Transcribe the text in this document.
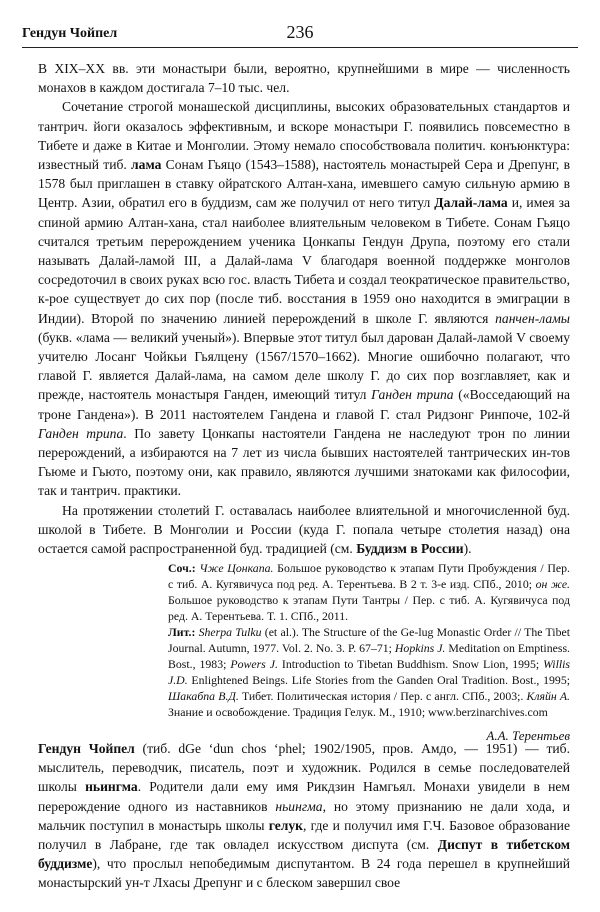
Гендун Чойпел	236

В XIX–XX вв. эти монастыри были, вероятно, крупнейшими в мире — численность монахов в каждом достигала 7–10 тыс. чел.

Сочетание строгой монашеской дисциплины, высоких образовательных стандартов и тантрич. йоги оказалось эффективным, и вскоре монастыри Г. появились повсеместно в Тибете и даже в Китае и Монголии. Этому немало способствовала политич. конъюнктура: известный тиб. лама Сонам Гьяцо (1543–1588), настоятель монастырей Сера и Дрепунг, в 1578 был приглашен в ставку ойратского Алтан-хана, имевшего самую сильную армию в Центр. Азии, обратил его в буддизм, сам же получил от него титул Далай-лама и, имея за спиной армию Алтан-хана, стал наиболее влиятельным человеком в Тибете. Сонам Гьяцо считался третьим перерождением ученика Цонкапы Гендун Друпа, поэтому его стали называть Далай-ламой III, а Далай-лама V благодаря военной поддержке монголов сосредоточил в своих руках всю гос. власть Тибета и создал теократическое правительство, к-рое существует до сих пор (после тиб. восстания в 1959 оно находится в эмиграции в Индии). Второй по значению линией перерождений в школе Г. являются панчен-ламы (букв. «лама — великий ученый»). Впервые этот титул был дарован Далай-ламой V своему учителю Лосанг Чойкьи Гьялцену (1567/1570–1662). Многие ошибочно полагают, что главой Г. является Далай-лама, на самом деле школу Г. до сих пор возглавляет, как и прежде, настоятель монастыря Ганден, имеющий титул Ганден трипа («Восседающий на троне Гандена»). В 2011 настоятелем Гандена и главой Г. стал Ридзонг Ринпоче, 102-й Ганден трипа. По завету Цонкапы настоятели Гандена не наследуют трон по линии перерождений, а избираются на 7 лет из числа бывших настоятелей тантрических ин-тов Гьюме и Гьюто, поэтому они, как правило, являются лучшими знатоками как философии, так и тантрич. практики.

На протяжении столетий Г. оставалась наиболее влиятельной и многочисленной буд. школой в Тибете. В Монголии и России (куда Г. попала четыре столетия назад) она остается самой распространенной буд. традицией (см. Буддизм в России).

Соч.: Чже Цонкапа. Большое руководство к этапам Пути Пробуждения / Пер. с тиб. А. Кугявичуса под ред. А. Терентьева. В 2 т. 3-е изд. СПб., 2010; он же. Большое руководство к этапам Пути Тантры / Пер. с тиб. А. Кугявичуса под ред. А. Терентьева. Т. 1. СПб., 2011.

Лит.: Sherpa Tulku (et al.). The Structure of the Ge-lug Monastic Order // The Tibet Journal. Autumn, 1977. Vol. 2. No. 3. P. 67–71; Hopkins J. Meditation on Emptiness. Bost., 1983; Powers J. Introduction to Tibetan Buddhism. Snow Lion, 1995; Willis J.D. Enlightened Beings. Life Stories from the Ganden Oral Tradition. Bost., 1995; Шакабпа В.Д. Тибет. Политическая история / Пер. с англ. СПб., 2003;. Кляйн А. Знание и освобождение. Традиция Гелук. М., 1910; www.berzinarchives.com

А.А. Терентьев

Гендун Чойпел (тиб. dGe ‘dun chos ‘phel; 1902/1905, пров. Амдо, — 1951) — тиб. мыслитель, переводчик, писатель, поэт и художник. Родился в семье последователей школы ньингма. Родители дали ему имя Рикдзин Намгьял. Монахи увидели в нем перерождение одного из наставников ньингма, но этому признанию не дали хода, и мальчик поступил в монастырь школы гелук, где и получил имя Г.Ч. Базовое образование получил в Лабране, где так овладел искусством диспута (см. Диспут в тибетском буддизме), что прослыл непобедимым диспутантом. В 24 года перешел в крупнейший монастырский ун-т Лхасы Дрепунг и с блеском завершил свое
